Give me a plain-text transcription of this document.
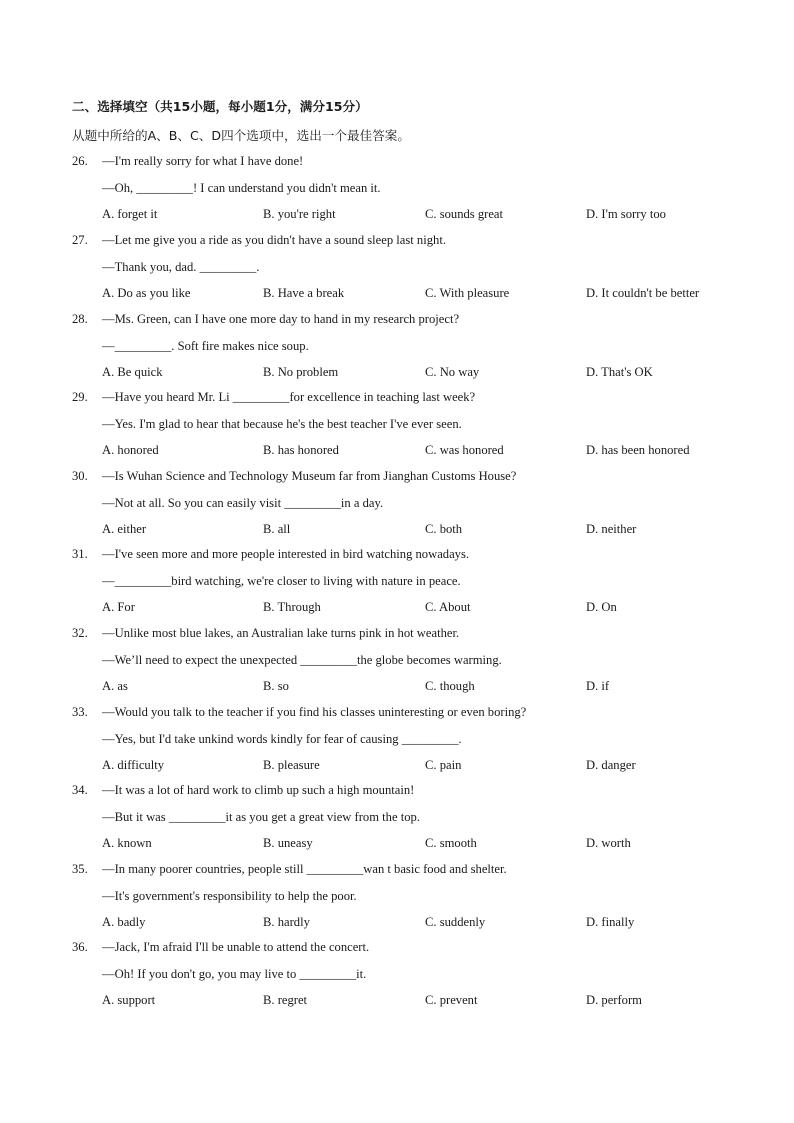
二、选择填空（共15小题，每小题1分，满分15分）
从题中所给的A、B、C、D四个选项中，选出一个最佳答案。
26. —I'm really sorry for what I have done!
—Oh, _________! I can understand you didn't mean it.
A. forget it	B. you're right	C. sounds great	D. I'm sorry too
27. —Let me give you a ride as you didn't have a sound sleep last night.
—Thank you, dad. _________.
A. Do as you like	B. Have a break	C. With pleasure	D. It couldn't be better
28. —Ms. Green, can I have one more day to hand in my research project?
—_________. Soft fire makes nice soup.
A. Be quick	B. No problem	C. No way	D. That's OK
29. —Have you heard Mr. Li _________for excellence in teaching last week?
—Yes. I'm glad to hear that because he's the best teacher I've ever seen.
A. honored	B. has honored	C. was honored	D. has been honored
30. —Is Wuhan Science and Technology Museum far from Jianghan Customs House?
—Not at all. So you can easily visit _________in a day.
A. either	B. all	C. both	D. neither
31. —I've seen more and more people interested in bird watching nowadays.
—_________bird watching, we're closer to living with nature in peace.
A. For	B. Through	C. About	D. On
32. —Unlike most blue lakes, an Australian lake turns pink in hot weather.
—We’ll need to expect the unexpected _________the globe becomes warming.
A. as	B. so	C. though	D. if
33. —Would you talk to the teacher if you find his classes uninteresting or even boring?
—Yes, but I'd take unkind words kindly for fear of causing _________.
A. difficulty	B. pleasure	C. pain	D. danger
34. —It was a lot of hard work to climb up such a high mountain!
—But it was _________it as you get a great view from the top.
A. known	B. uneasy	C. smooth	D. worth
35. —In many poorer countries, people still _________wan t basic food and shelter.
—It's government's responsibility to help the poor.
A. badly	B. hardly	C. suddenly	D. finally
36. —Jack, I'm afraid I'll be unable to attend the concert.
—Oh! If you don't go, you may live to _________it.
A. support	B. regret	C. prevent	D. perform
